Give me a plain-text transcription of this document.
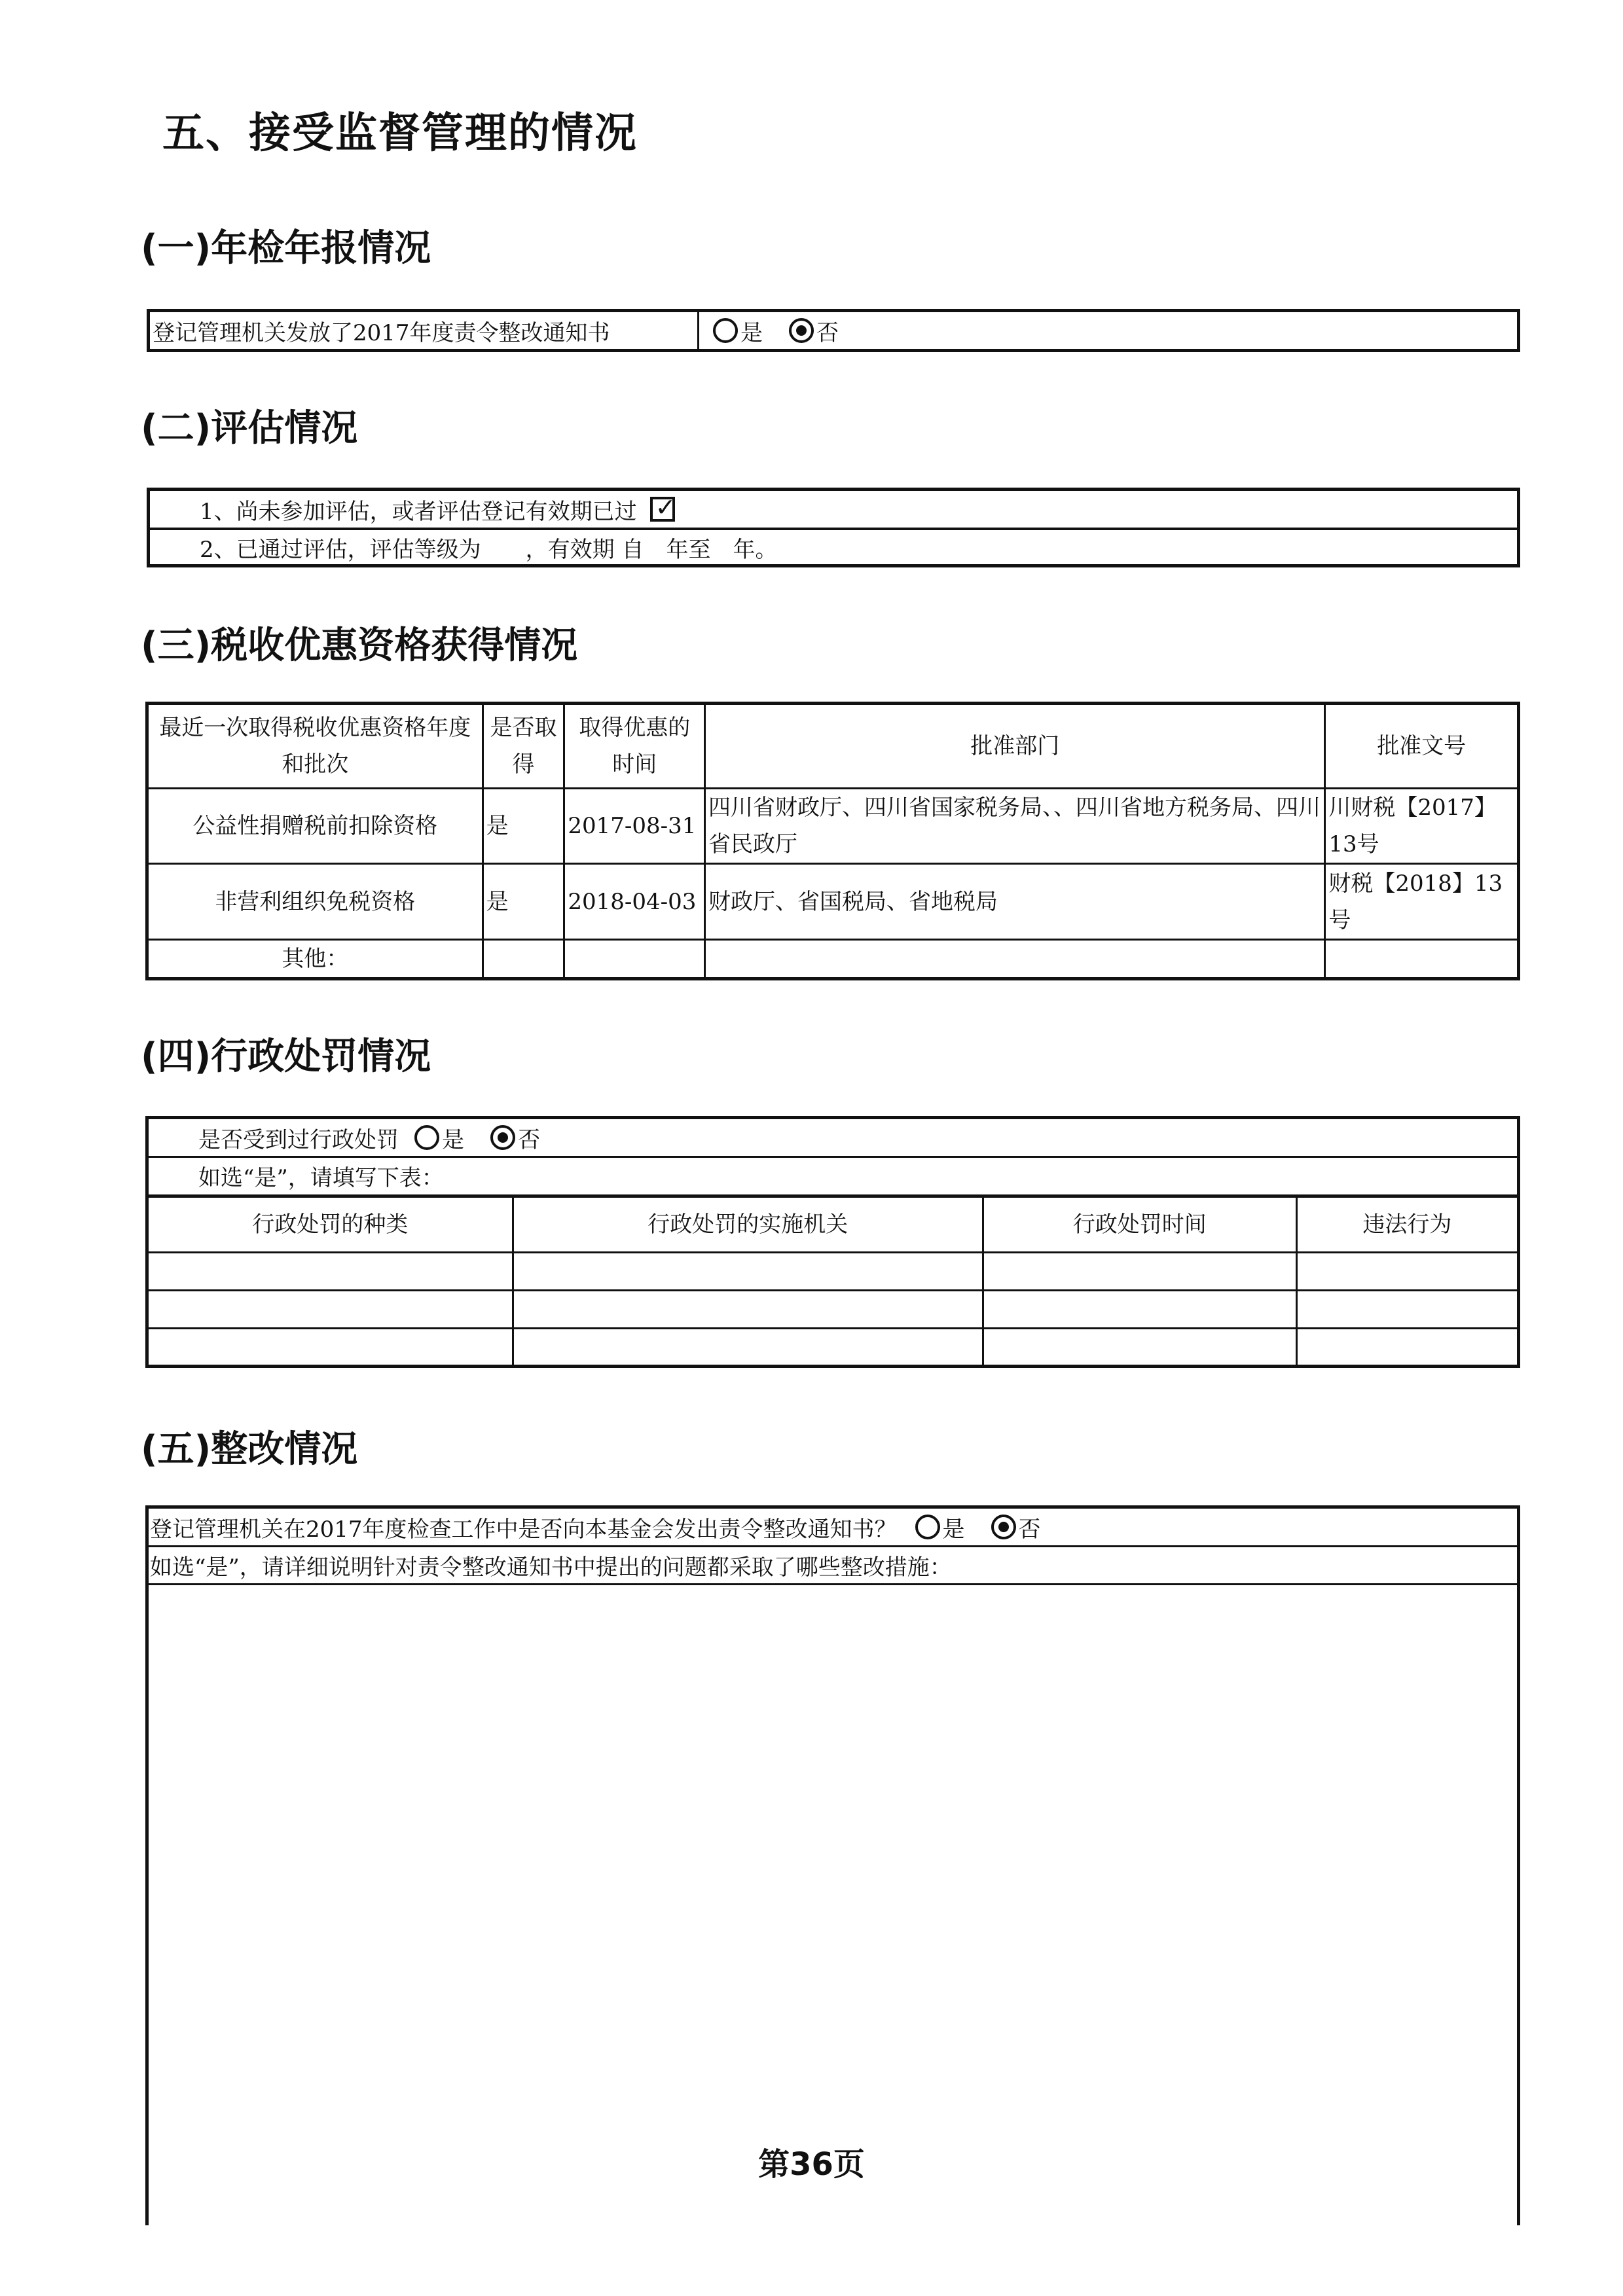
五、接受监督管理的情况
(一)年检年报情况
登记管理机关发放了2017年度责令整改通知书	是 否
(二)评估情况
1、尚未参加评估，或者评估登记有效期已过
✓
2、已通过评估，评估等级为　　，有效期 自　年至　年。
(三)税收优惠资格获得情况
最近一次取得税收优惠资格年度和批次	是否取得	取得优惠的时间	批准部门	批准文号
公益性捐赠税前扣除资格	是	2017-08-31	四川省财政厅、四川省国家税务局、、四川省地方税务局、四川省民政厅	川财税【2017】13号
非营利组织免税资格	是	2018-04-03	财政厅、省国税局、省地税局	财税【2018】13号
其他：				
(四)行政处罚情况
是否受到过行政处罚 是 否
如选“是”，请填写下表：
行政处罚的种类	行政处罚的实施机关	行政处罚时间	违法行为

(五)整改情况
登记管理机关在2017年度检查工作中是否向本基金会发出责令整改通知书？ 是 否
如选“是”，请详细说明针对责令整改通知书中提出的问题都采取了哪些整改措施：
第36页
